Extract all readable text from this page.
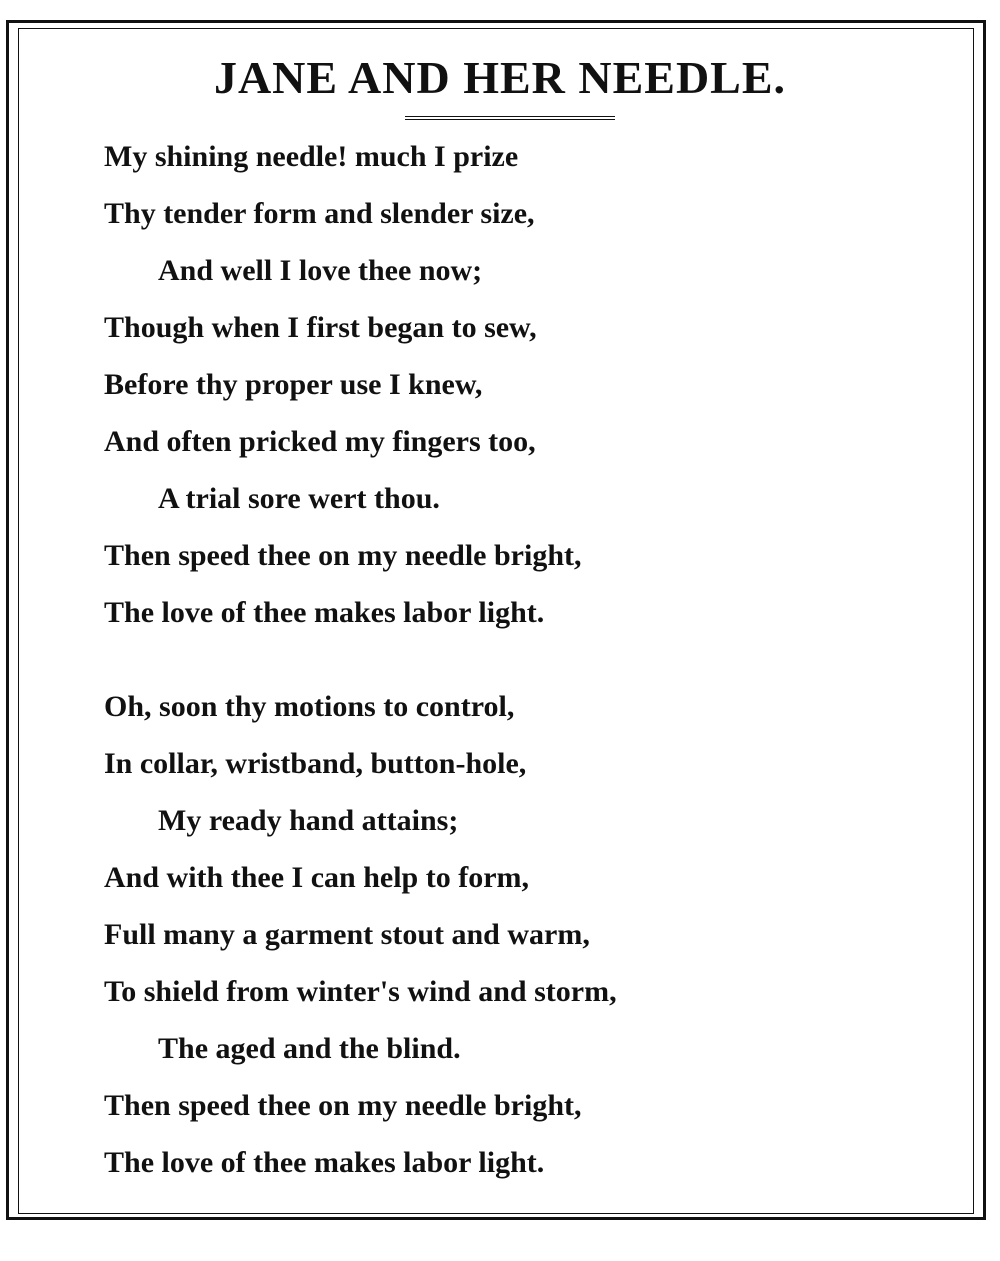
JANE AND HER NEEDLE.
My shining needle! much I prize
Thy tender form and slender size,
And well I love thee now;
Though when I first began to sew,
Before thy proper use I knew,
And often pricked my fingers too,
A trial sore wert thou.
Then speed thee on my needle bright,
The love of thee makes labor light.
Oh, soon thy motions to control,
In collar, wristband, button-hole,
My ready hand attains;
And with thee I can help to form,
Full many a garment stout and warm,
To shield from winter's wind and storm,
The aged and the blind.
Then speed thee on my needle bright,
The love of thee makes labor light.
